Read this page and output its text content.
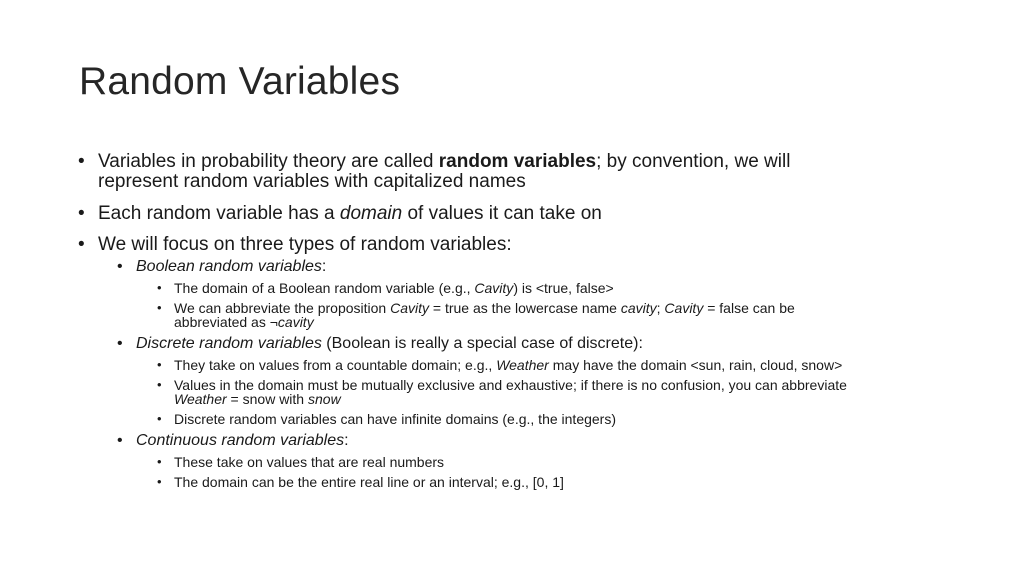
Random Variables
• Variables in probability theory are called random variables; by convention, we will
represent random variables with capitalized names
• Each random variable has a domain of values it can take on
• We will focus on three types of random variables:
• Boolean random variables:
• The domain of a Boolean random variable (e.g., Cavity) is <true, false>
• We can abbreviate the proposition Cavity = true as the lowercase name cavity; Cavity = false can be
abbreviated as ¬cavity
• Discrete random variables (Boolean is really a special case of discrete):
• They take on values from a countable domain; e.g., Weather may have the domain <sun, rain, cloud, snow>
• Values in the domain must be mutually exclusive and exhaustive; if there is no confusion, you can abbreviate
Weather = snow with snow
• Discrete random variables can have infinite domains (e.g., the integers)
• Continuous random variables:
• These take on values that are real numbers
• The domain can be the entire real line or an interval; e.g., [0, 1]
